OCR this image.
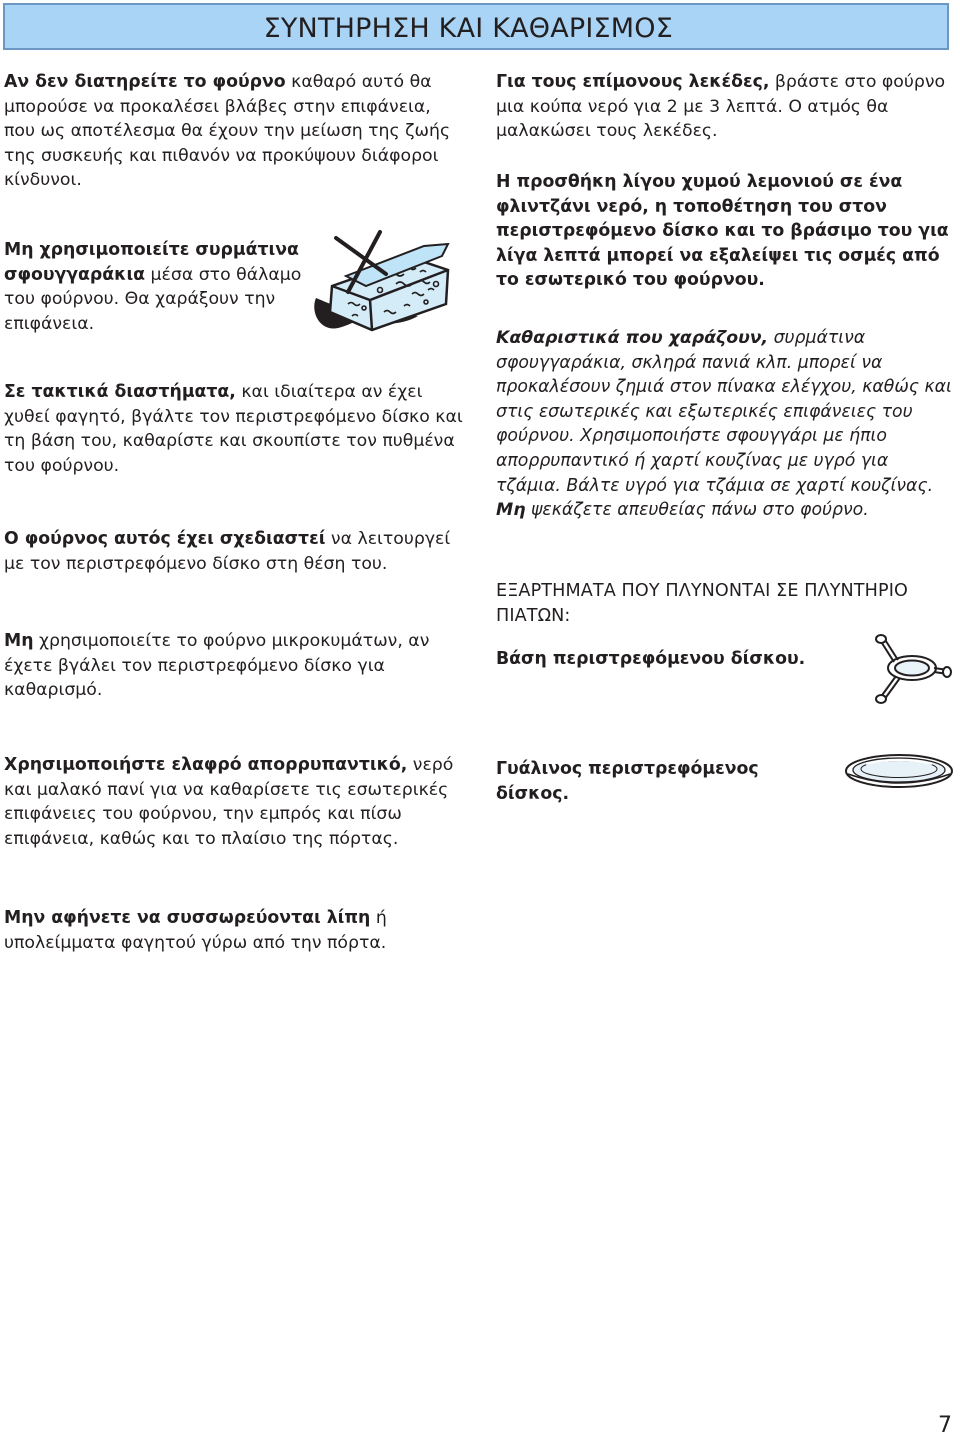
ΣΥΝΤΗΡΗΣΗ ΚΑΙ ΚΑΘΑΡΙΣΜΟΣ

Αν δεν διατηρείτε το φούρνο καθαρό αυτό θα μπορούσε να προκαλέσει βλάβες στην επιφάνεια, που ως αποτέλεσμα θα έχουν την μείωση της ζωής της συσκευής και πιθανόν να προκύψουν διάφοροι κίνδυνοι.

Μη χρησιμοποιείτε συρμάτινα
σφουγγαράκια μέσα στο θάλαμο του φούρνου. Θα χαράξουν την επιφάνεια.

Σε τακτικά διαστήματα, και ιδιαίτερα αν έχει χυθεί φαγητό, βγάλτε τον περιστρεφόμενο δίσκο και τη βάση του, καθαρίστε και σκουπίστε τον πυθμένα του φούρνου.

Ο φούρνος αυτός έχει σχεδιαστεί να λειτουργεί με τον περιστρεφόμενο δίσκο στη θέση του.

Μη χρησιμοποιείτε το φούρνο μικροκυμάτων, αν έχετε βγάλει τον περιστρεφόμενο δίσκο για καθαρισμό.

Χρησιμοποιήστε ελαφρό απορρυπαντικό, νερό και μαλακό πανί για να καθαρίσετε τις εσωτερικές επιφάνειες του φούρνου, την εμπρός και πίσω επιφάνεια, καθώς και το πλαίσιο της πόρτας.

Μην αφήνετε να συσσωρεύονται λίπη ή υπολείμματα φαγητού γύρω από την πόρτα.

Για τους επίμονους λεκέδες, βράστε στο φούρνο μια κούπα νερό για 2 με 3 λεπτά. Ο ατμός θα μαλακώσει τους λεκέδες.

Η προσθήκη λίγου χυμού λεμονιού σε ένα φλιντζάνι νερό, η τοποθέτηση του στον περιστρεφόμενο δίσκο και το βράσιμο του για λίγα λεπτά μπορεί να εξαλείψει τις οσμές από το εσωτερικό του φούρνου.

Καθαριστικά που χαράζουν, συρμάτινα σφουγγαράκια, σκληρά πανιά κλπ. μπορεί να προκαλέσουν ζημιά στον πίνακα ελέγχου, καθώς και στις εσωτερικές και εξωτερικές επιφάνειες του φούρνου. Χρησιμοποιήστε σφουγγάρι με ήπιο απορρυπαντικό ή χαρτί κουζίνας με υγρό για τζάμια. Βάλτε υγρό για τζάμια σε χαρτί κουζίνας.
Μη ψεκάζετε απευθείας πάνω στο φούρνο.

ΕΞΑΡΤΗΜΑΤΑ ΠΟΥ ΠΛΥΝΟΝΤΑΙ ΣΕ ΠΛΥΝΤΗΡΙΟ ΠΙΑΤΩΝ:

Βάση περιστρεφόμενου δίσκου.

Γυάλινος περιστρεφόμενος δίσκος.

7
